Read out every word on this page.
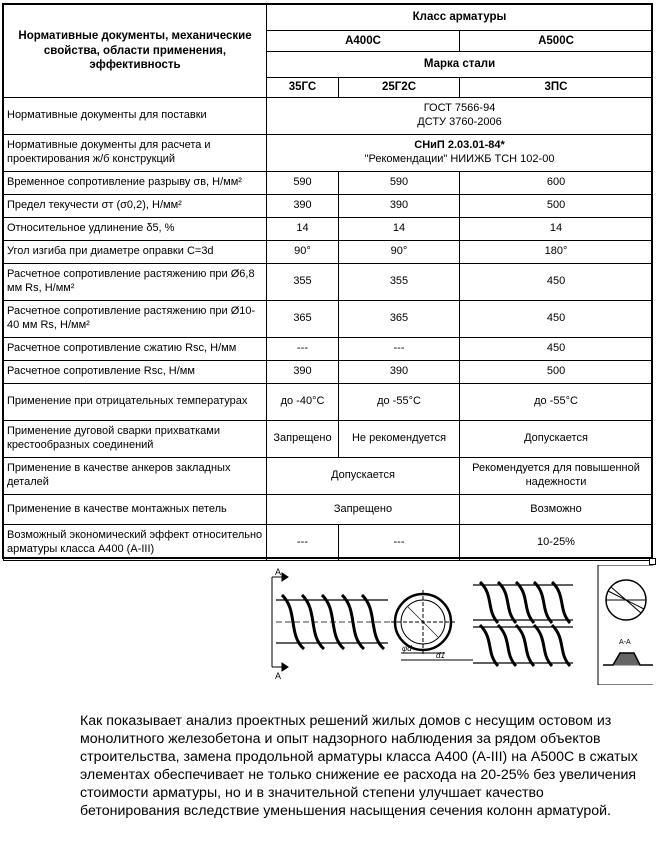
Нормативные документы, механические свойства, области применения, эффективность	Класс арматуры		
	А400С		А500С
	Марка стали		
	35ГС	25Г2С	3ПС
Нормативные документы для поставки	ГОСТ 7566-94
ДСТУ 3760-2006		

Нормативные документы для расчета и проектирования ж/б конструкций	СНиП 2.03.01-84*
"Рекомендации" НИИЖБ ТСН 102-00		

Временное сопротивление разрыву σв, Н/мм²	590	590	600
Предел текучести σт (σ0,2), Н/мм²	390	390	500
Относительное удлинение δ5, %	14	14	14
Угол изгиба при диаметре оправки С=3d	90°	90°	180°
Расчетное сопротивление растяжению при Ø6,8 мм Rs, Н/мм²	355	355	450
Расчетное сопротивление растяжению при Ø10-40 мм Rs, Н/мм²	365	365	450
Расчетное сопротивление сжатию Rsc, Н/мм	---	---	450
Расчетное сопротивление Rsc, Н/мм	390	390	500
Применение при отрицательных температурах	до -40°С	до -55°С	до -55°С
Применение дуговой сварки прихватками крестообразных соединений	Запрещено	Не рекомендуется	Допускается
Применение в качестве анкеров закладных деталей	Допускается		Рекомендуется для повышенной надежности
Применение в качестве монтажных петель	Запрещено		Возможно
Возможный экономический эффект относительно арматуры класса А400 (А-III)	---	---	10-25%
А
А
φd
d1
А-А
Как показывает анализ проектных решений жилых домов с несущим остовом из монолитного железобетона и опыт надзорного наблюдения за рядом объектов строительства, замена продольной арматуры класса А400 (А-III) на А500С в сжатых элементах обеспечивает не только снижение ее расхода на 20-25% без увеличения стоимости арматуры, но и в значительной степени улучшает качество бетонирования вследствие уменьшения насыщения сечения колонн арматурой.
